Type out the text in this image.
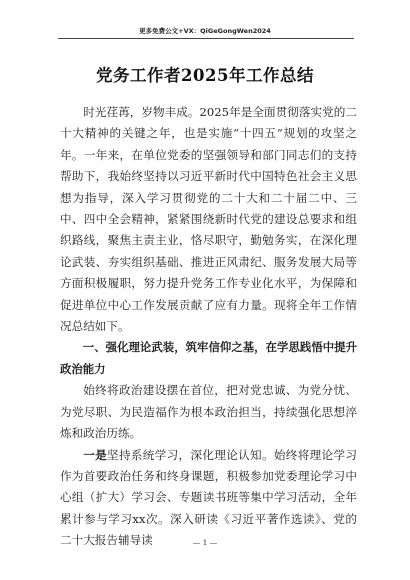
更多免费公文+VX：QiGeGongWen2024
党务工作者2025年工作总结

时光荏苒，岁物丰成。2025年是全面贯彻落实党的二十大精神的关键之年，也是实施“十四五”规划的攻坚之年。一年来，在单位党委的坚强领导和部门同志们的支持帮助下，我始终坚持以习近平新时代中国特色社会主义思想为指导，深入学习贯彻党的二十大和二十届二中、三中、四中全会精神，紧紧围绕新时代党的建设总要求和组织路线，聚焦主责主业，恪尽职守，勤勉务实，在深化理论武装、夯实组织基础、推进正风肃纪、服务发展大局等方面积极履职，努力提升党务工作专业化水平，为保障和促进单位中心工作发展贡献了应有力量。现将全年工作情况总结如下。

一、强化理论武装，筑牢信仰之基，在学思践悟中提升政治能力

始终将政治建设摆在首位，把对党忠诚、为党分忧、为党尽职、为民造福作为根本政治担当，持续强化思想淬炼和政治历练。

一是坚持系统学习，深化理论认知。始终将理论学习作为首要政治任务和终身课题，积极参加党委理论学习中心组（扩大）学习会、专题读书班等集中学习活动，全年累计参与学习xx次。深入研读《习近平著作选读》、党的二十大报告辅导读	— 1 —
